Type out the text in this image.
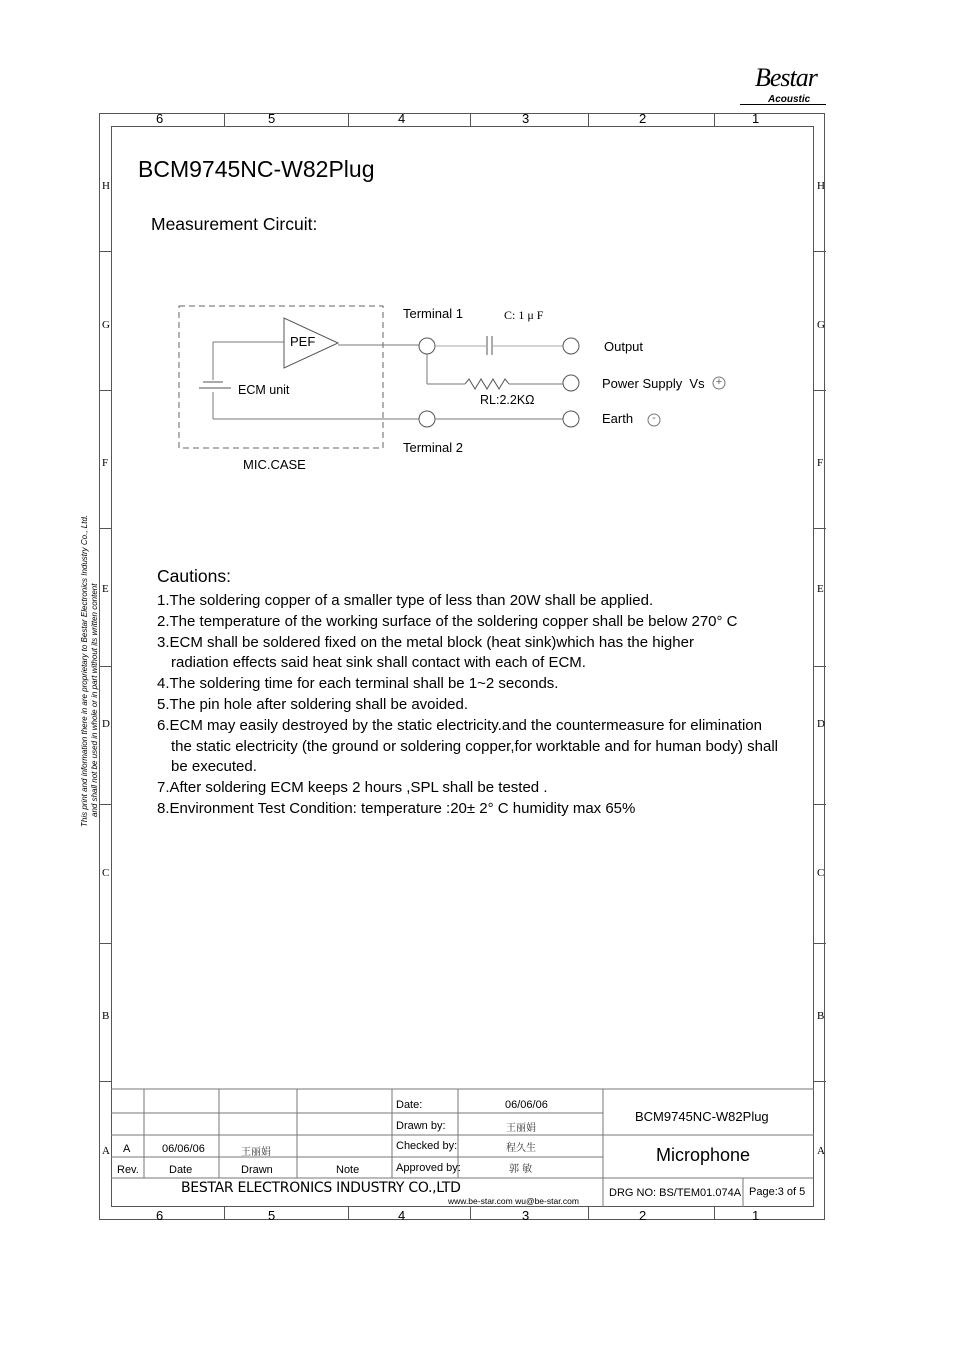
Bestar
Acoustic
6	5	4	3	2	1
6	5	4	3	2	1
H
G
F
E
D
C
B
A
H
G
F
E
D
C
B
A
This print and information there in are proprietary to Bestar Electronics Industry Co., Ltd. and shall not be used in whole or in part without its written content
BCM9745NC-W82Plug
Measurement Circuit:
PEF
ECM unit
MIC.CASE
Terminal 1
Terminal 2
C: 1 μ F
RL:2.2KΩ
Output
Power Supply  Vs
Earth
+
-
Cautions:
1.The soldering copper of a smaller type of less than 20W shall be applied.
2.The temperature of the working surface of the soldering copper shall be below 270° C
3.ECM shall be soldered fixed on the metal block (heat sink)which has the higher
radiation effects said heat sink shall contact with each of ECM.
4.The soldering time for each terminal shall be 1~2 seconds.
5.The pin hole after soldering shall be avoided.
6.ECM may easily destroyed by the static electricity.and the countermeasure for elimination
the static electricity (the ground or soldering copper,for worktable and for human body) shall
be executed.
7.After soldering ECM keeps 2 hours ,SPL shall be tested .
8.Environment Test Condition: temperature :20± 2° C humidity max 65%
A	06/06/06	王丽娟
Rev.	Date	Drawn	Note
Date:	06/06/06
Drawn by:	王丽娟
Checked by:	程久生
Approved by:	郭 敏
BCM9745NC-W82Plug
Microphone
BESTAR ELECTRONICS INDUSTRY CO.,LTD
www.be-star.com wu@be-star.com
DRG NO: BS/TEM01.074A Page:3 of 5
